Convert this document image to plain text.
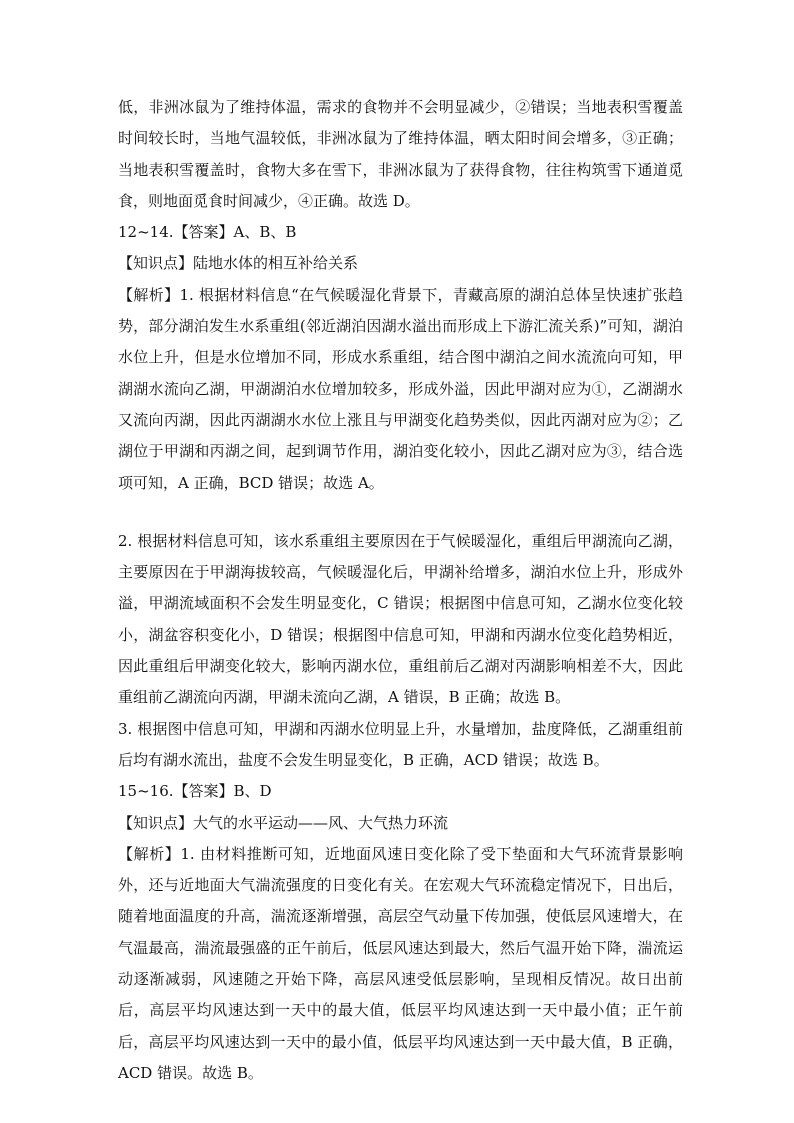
低，非洲冰鼠为了维持体温，需求的食物并不会明显减少，②错误；当地表积雪覆盖时间较长时，当地气温较低，非洲冰鼠为了维持体温，晒太阳时间会增多，③正确；当地表积雪覆盖时，食物大多在雪下，非洲冰鼠为了获得食物，往往构筑雪下通道觅食，则地面觅食时间减少，④正确。故选 D。

12~14.【答案】A、B、B

【知识点】陆地水体的相互补给关系

【解析】1. 根据材料信息“在气候暖湿化背景下，青藏高原的湖泊总体呈快速扩张趋势，部分湖泊发生水系重组(邻近湖泊因湖水溢出而形成上下游汇流关系)”可知，湖泊水位上升，但是水位增加不同，形成水系重组，结合图中湖泊之间水流流向可知，甲湖湖水流向乙湖，甲湖湖泊水位增加较多，形成外溢，因此甲湖对应为①，乙湖湖水又流向丙湖，因此丙湖湖水水位上涨且与甲湖变化趋势类似，因此丙湖对应为②；乙湖位于甲湖和丙湖之间，起到调节作用，湖泊变化较小，因此乙湖对应为③，结合选项可知，A 正确，BCD 错误；故选 A。

2. 根据材料信息可知，该水系重组主要原因在于气候暖湿化，重组后甲湖流向乙湖，主要原因在于甲湖海拔较高，气候暖湿化后，甲湖补给增多，湖泊水位上升，形成外溢，甲湖流域面积不会发生明显变化，C 错误；根据图中信息可知，乙湖水位变化较小，湖盆容积变化小，D 错误；根据图中信息可知，甲湖和丙湖水位变化趋势相近，因此重组后甲湖变化较大，影响丙湖水位，重组前后乙湖对丙湖影响相差不大，因此重组前乙湖流向丙湖，甲湖未流向乙湖，A 错误，B 正确；故选 B。

3. 根据图中信息可知，甲湖和丙湖水位明显上升，水量增加，盐度降低，乙湖重组前后均有湖水流出，盐度不会发生明显变化，B 正确，ACD 错误；故选 B。

15~16.【答案】B、D

【知识点】大气的水平运动——风、大气热力环流

【解析】1. 由材料推断可知，近地面风速日变化除了受下垫面和大气环流背景影响外，还与近地面大气湍流强度的日变化有关。在宏观大气环流稳定情况下，日出后，随着地面温度的升高，湍流逐渐增强，高层空气动量下传加强，使低层风速增大，在气温最高，湍流最强盛的正午前后，低层风速达到最大，然后气温开始下降，湍流运动逐渐减弱，风速随之开始下降，高层风速受低层影响，呈现相反情况。故日出前后，高层平均风速达到一天中的最大值，低层平均风速达到一天中最小值；正午前后，高层平均风速达到一天中的最小值，低层平均风速达到一天中最大值，B 正确，ACD 错误。故选 B。
